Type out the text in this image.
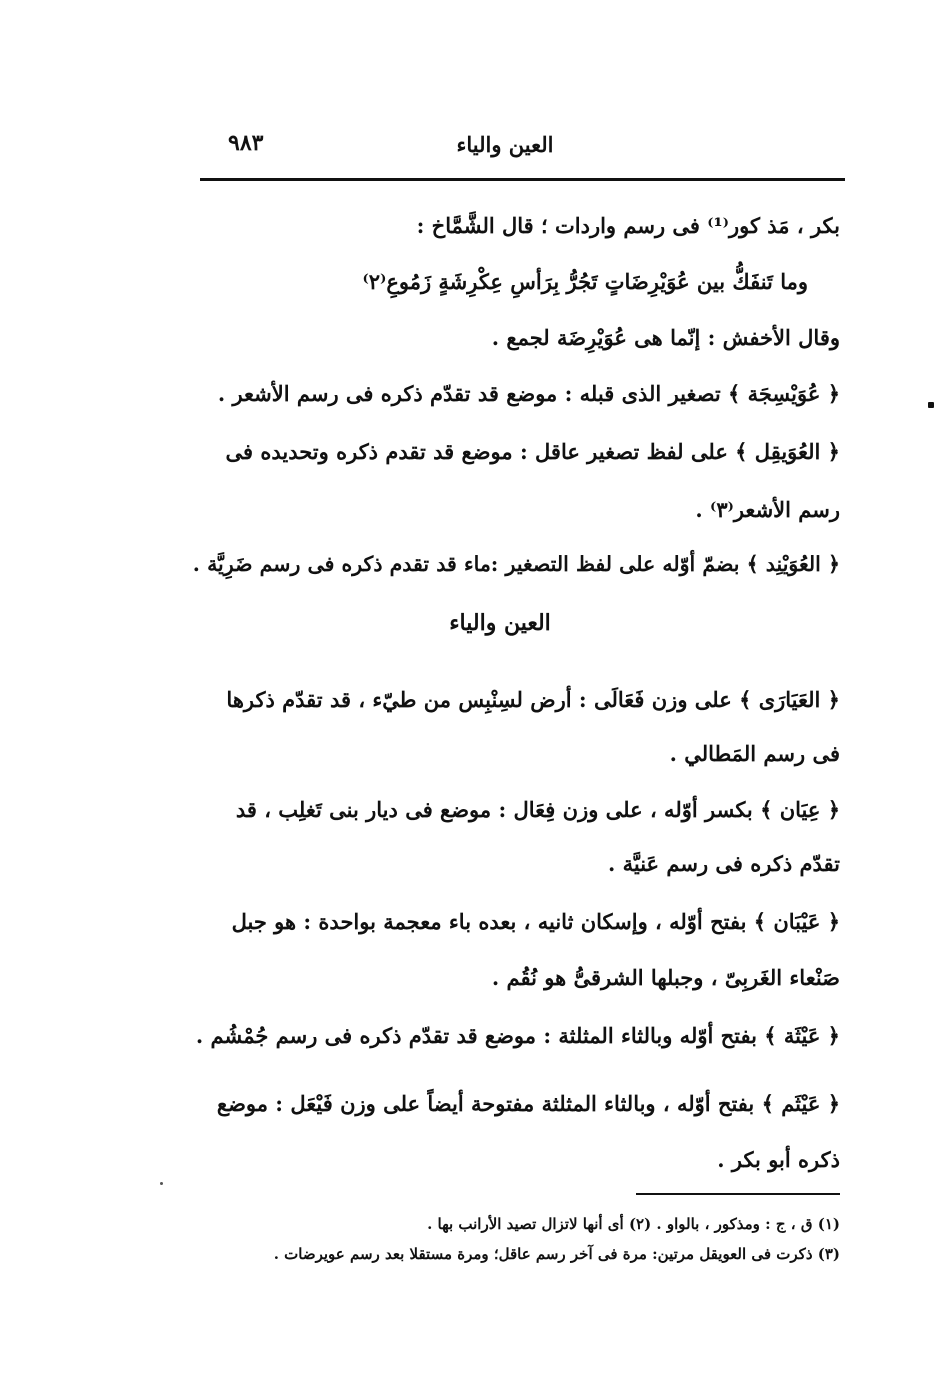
العين والياء
٩٨٣
بكر ، مَذ كور⁽¹⁾ فى رسم واردات ؛ قال الشَّمَّاخ :
وما تَنفَكُّ بين عُوَيْرِضَاتٍ تَجُرُّ بِرَأسِ عِكْرِشَةٍ زَمُوعِ⁽٢⁾
وقال الأخفش : إنّما هى عُوَيْرِضَة لجمع .
﴿ عُوَيْسِجَة ﴾ تصغير الذى قبله : موضع قد تقدّم ذكره فى رسم الأشعر .
﴿ العُوَيقِل ﴾ على لفظ تصغير عاقل : موضع قد تقدم ذكره وتحديده فى
رسم الأشعر⁽٣⁾ .
﴿ العُوَيْنِد ﴾ بضمّ أوّله على لفظ التصغير :ماء قد تقدم ذكره فى رسم ضَرِيَّة .
العين والياء
﴿ العَيَارَى ﴾ على وزن فَعَالَى : أرض لسِنْبِس من طيّء ، قد تقدّم ذكرها
فى رسم المَطالي .
﴿ عِيَان ﴾ بكسر أوّله ، على وزن فِعَال : موضع فى ديار بنى تَغلِب ، قد
تقدّم ذكره فى رسم عَنيَّة .
﴿ عَيْبَان ﴾ بفتح أوّله ، وإسكان ثانيه ، بعده باء معجمة بواحدة : هو جبل
صَنْعاء الغَربِىّ ، وجبلها الشرقىُّ هو نُقُم .
﴿ عَيْثَة ﴾ بفتح أوّله وبالثاء المثلثة : موضع قد تقدّم ذكره فى رسم جُمْشُم .
﴿ عَيْثَم ﴾ بفتح أوّله ، وبالثاء المثلثة مفتوحة أيضاً على وزن فَيْعَل : موضع
ذكره أبو بكر .
(١) ق ، ج : ومذكور ، بالواو . (٢) أى أنها لاتزال تصيد الأرانب بها .
(٣) ذكرت فى العويقل مرتين: مرة فى آخر رسم عاقل؛ ومرة مستقلا بعد رسم عويرضات .
